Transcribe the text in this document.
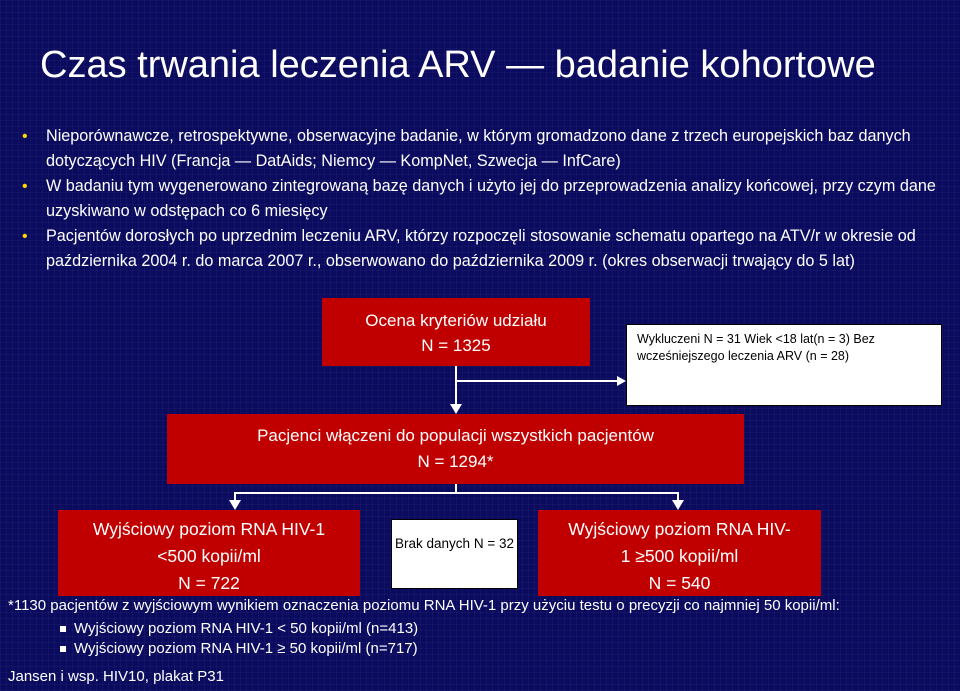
Czas trwania leczenia ARV — badanie kohortowe
• Nieporównawcze, retrospektywne, obserwacyjne badanie, w którym gromadzono dane z trzech europejskich baz danych dotyczących HIV (Francja — DatAids; Niemcy — KompNet, Szwecja — InfCare)
• W badaniu tym wygenerowano zintegrowaną bazę danych i użyto jej do przeprowadzenia analizy końcowej, przy czym dane uzyskiwano w odstępach co 6 miesięcy
• Pacjentów dorosłych po uprzednim leczeniu ARV, którzy rozpoczęli stosowanie schematu opartego na ATV/r w okresie od października 2004 r. do marca 2007 r., obserwowano do października 2009 r. (okres obserwacji trwający do 5 lat)
Ocena kryteriów udziału
N = 1325	Wykluczeni N = 31 Wiek <18 lat(n = 3) Bez wcześniejszego leczenia ARV (n = 28)
Pacjenci włączeni do populacji wszystkich pacjentów
N = 1294*
Wyjściowy poziom RNA HIV-1
<500 kopii/ml
N = 722
Brak danych N = 32
Wyjściowy poziom RNA HIV-
1 ≥500 kopii/ml
N = 540
*1130 pacjentów z wyjściowym wynikiem oznaczenia poziomu RNA HIV-1 przy użyciu testu o precyzji co najmniej 50 kopii/ml:
Wyjściowy poziom RNA HIV-1 < 50 kopii/ml (n=413)
Wyjściowy poziom RNA HIV-1 ≥ 50 kopii/ml (n=717)
Jansen i wsp. HIV10, plakat P31
